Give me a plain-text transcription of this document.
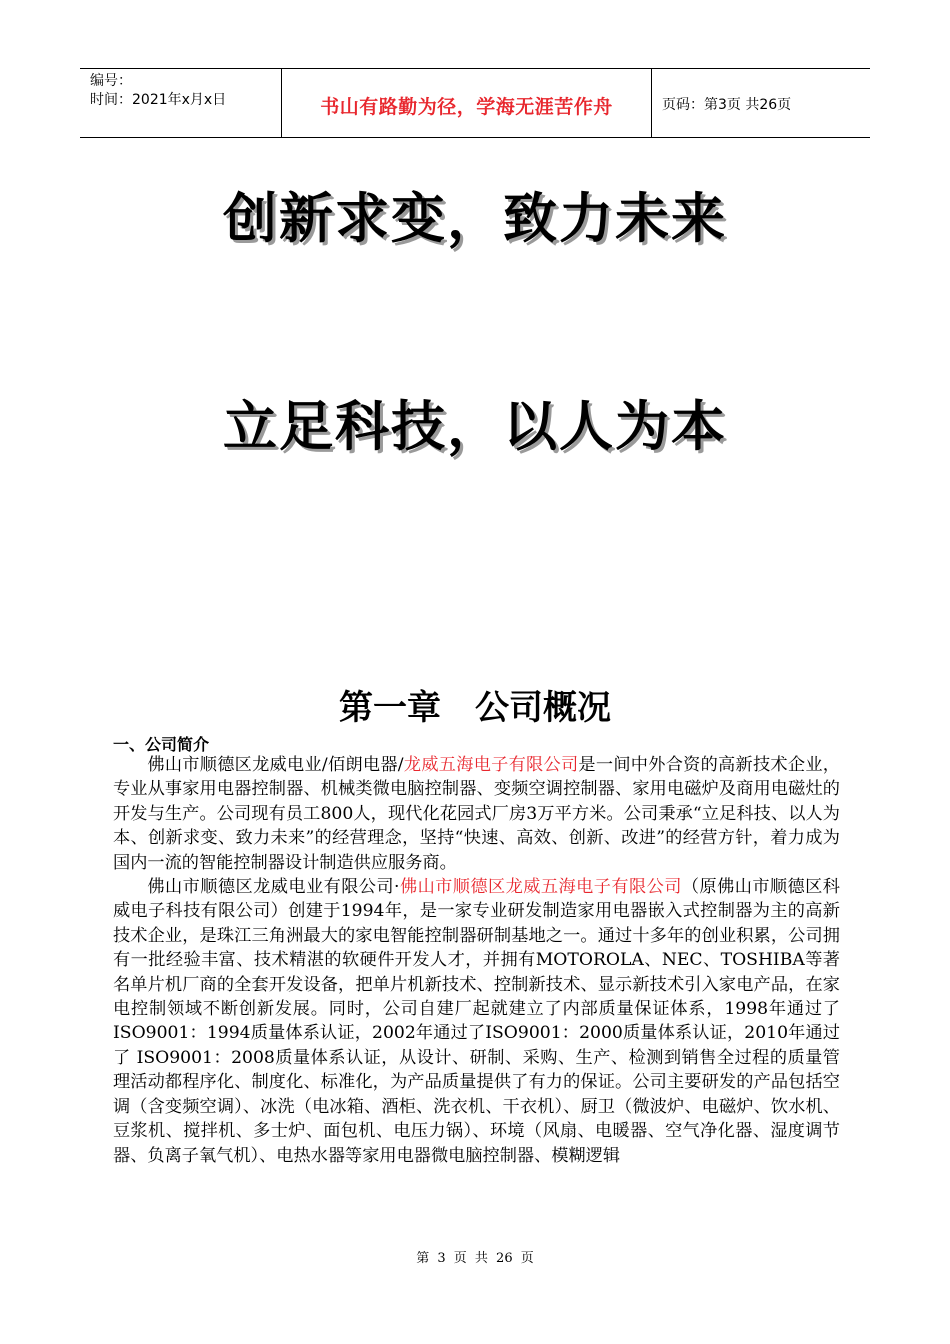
编号：
时间：2021年x月x日	书山有路勤为径，学海无涯苦作舟	页码：第3页 共26页
创新求变，致力未来
立足科技，以人为本
第一章　公司概况
一、公司简介

佛山市顺德区龙威电业/佰朗电器/龙威五海电子有限公司是一间中外合资的高新技术企业，专业从事家用电器控制器、机械类微电脑控制器、变频空调控制器、家用电磁炉及商用电磁灶的开发与生产。公司现有员工800人，现代化花园式厂房3万平方米。公司秉承“立足科技、以人为本、创新求变、致力未来”的经营理念，坚持“快速、高效、创新、改进”的经营方针，着力成为国内一流的智能控制器设计制造供应服务商。

佛山市顺德区龙威电业有限公司·佛山市顺德区龙威五海电子有限公司（原佛山市顺德区科威电子科技有限公司）创建于1994年，是一家专业研发制造家用电器嵌入式控制器为主的高新技术企业，是珠江三角洲最大的家电智能控制器研制基地之一。通过十多年的创业积累，公司拥有一批经验丰富、技术精湛的软硬件开发人才，并拥有MOTOROLA、NEC、TOSHIBA等著名单片机厂商的全套开发设备，把单片机新技术、控制新技术、显示新技术引入家电产品，在家电控制领域不断创新发展。同时，公司自建厂起就建立了内部质量保证体系，1998年通过了ISO9001：1994质量体系认证，2002年通过了ISO9001：2000质量体系认证，2010年通过了 ISO9001：2008质量体系认证，从设计、研制、采购、生产、检测到销售全过程的质量管理活动都程序化、制度化、标准化，为产品质量提供了有力的保证。公司主要研发的产品包括空调（含变频空调）、冰洗（电冰箱、酒柜、洗衣机、干衣机）、厨卫（微波炉、电磁炉、饮水机、豆浆机、搅拌机、多士炉、面包机、电压力锅）、环境（风扇、电暖器、空气净化器、湿度调节器、负离子氧气机）、电热水器等家用电器微电脑控制器、模糊逻辑

第 3 页 共 26 页
